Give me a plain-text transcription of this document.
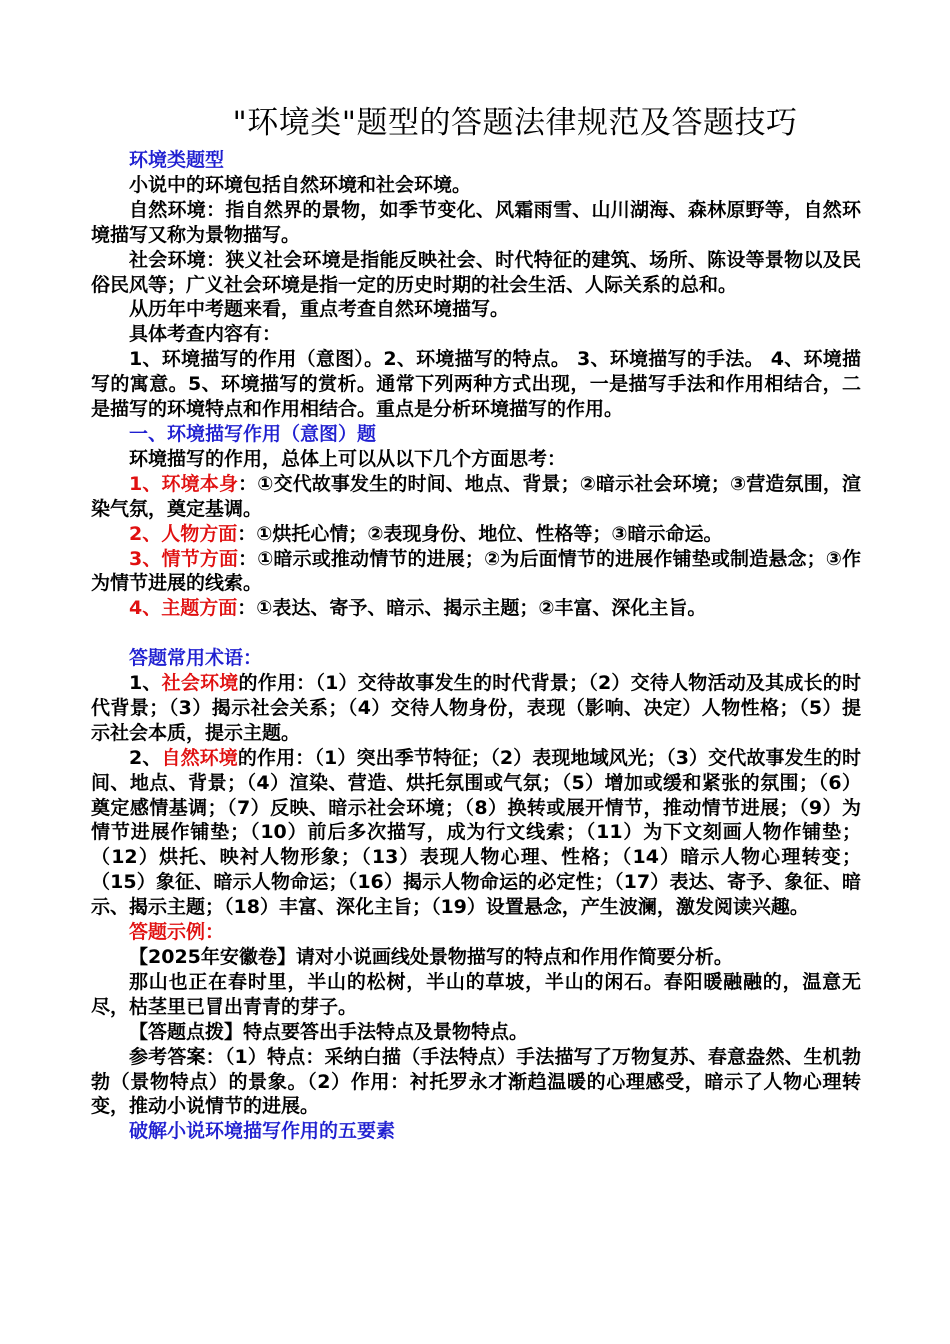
"环境类"题型的答题法律规范及答题技巧

环境类题型

小说中的环境包括自然环境和社会环境。

自然环境：指自然界的景物，如季节变化、风霜雨雪、山川湖海、森林原野等，自然环境描写又称为景物描写。

社会环境：狭义社会环境是指能反映社会、时代特征的建筑、场所、陈设等景物以及民俗民风等；广义社会环境是指一定的历史时期的社会生活、人际关系的总和。

从历年中考题来看，重点考查自然环境描写。

具体考查内容有：

1、环境描写的作用（意图）。2、环境描写的特点。 3、环境描写的手法。 4、环境描写的寓意。5、环境描写的赏析。通常下列两种方式出现，一是描写手法和作用相结合，二是描写的环境特点和作用相结合。重点是分析环境描写的作用。

一、环境描写作用（意图）题

环境描写的作用，总体上可以从以下几个方面思考：

1、环境本身：①交代故事发生的时间、地点、背景；②暗示社会环境；③营造氛围，渲染气氛，奠定基调。

2、人物方面：①烘托心情；②表现身份、地位、性格等；③暗示命运。

3、情节方面：①暗示或推动情节的进展；②为后面情节的进展作铺垫或制造悬念；③作为情节进展的线索。

4、主题方面：①表达、寄予、暗示、揭示主题；②丰富、深化主旨。

答题常用术语：

1、社会环境的作用：（1）交待故事发生的时代背景；（2）交待人物活动及其成长的时代背景；（3）揭示社会关系；（4）交待人物身份，表现（影响、决定）人物性格；（5）提示社会本质，提示主题。

2、自然环境的作用：（1）突出季节特征；（2）表现地域风光；（3）交代故事发生的时间、地点、背景；（4）渲染、营造、烘托氛围或气氛；（5）增加或缓和紧张的氛围；（6）奠定感情基调；（7）反映、暗示社会环境；（8）换转或展开情节，推动情节进展；（9）为情节进展作铺垫；（10）前后多次描写，成为行文线索；（11）为下文刻画人物作铺垫；（12）烘托、映衬人物形象；（13）表现人物心理、性格；（14）暗示人物心理转变；（15）象征、暗示人物命运；（16）揭示人物命运的必定性；（17）表达、寄予、象征、暗示、揭示主题；（18）丰富、深化主旨；（19）设置悬念，产生波澜，激发阅读兴趣。

答题示例：

【2025年安徽卷】请对小说画线处景物描写的特点和作用作简要分析。

那山也正在春时里，半山的松树，半山的草坡，半山的闲石。春阳暖融融的，温意无尽，枯茎里已冒出青青的芽子。

【答题点拨】特点要答出手法特点及景物特点。

参考答案：（1）特点：采纳白描（手法特点）手法描写了万物复苏、春意盎然、生机勃勃（景物特点）的景象。（2）作用：衬托罗永才渐趋温暖的心理感受，暗示了人物心理转变，推动小说情节的进展。

破解小说环境描写作用的五要素
